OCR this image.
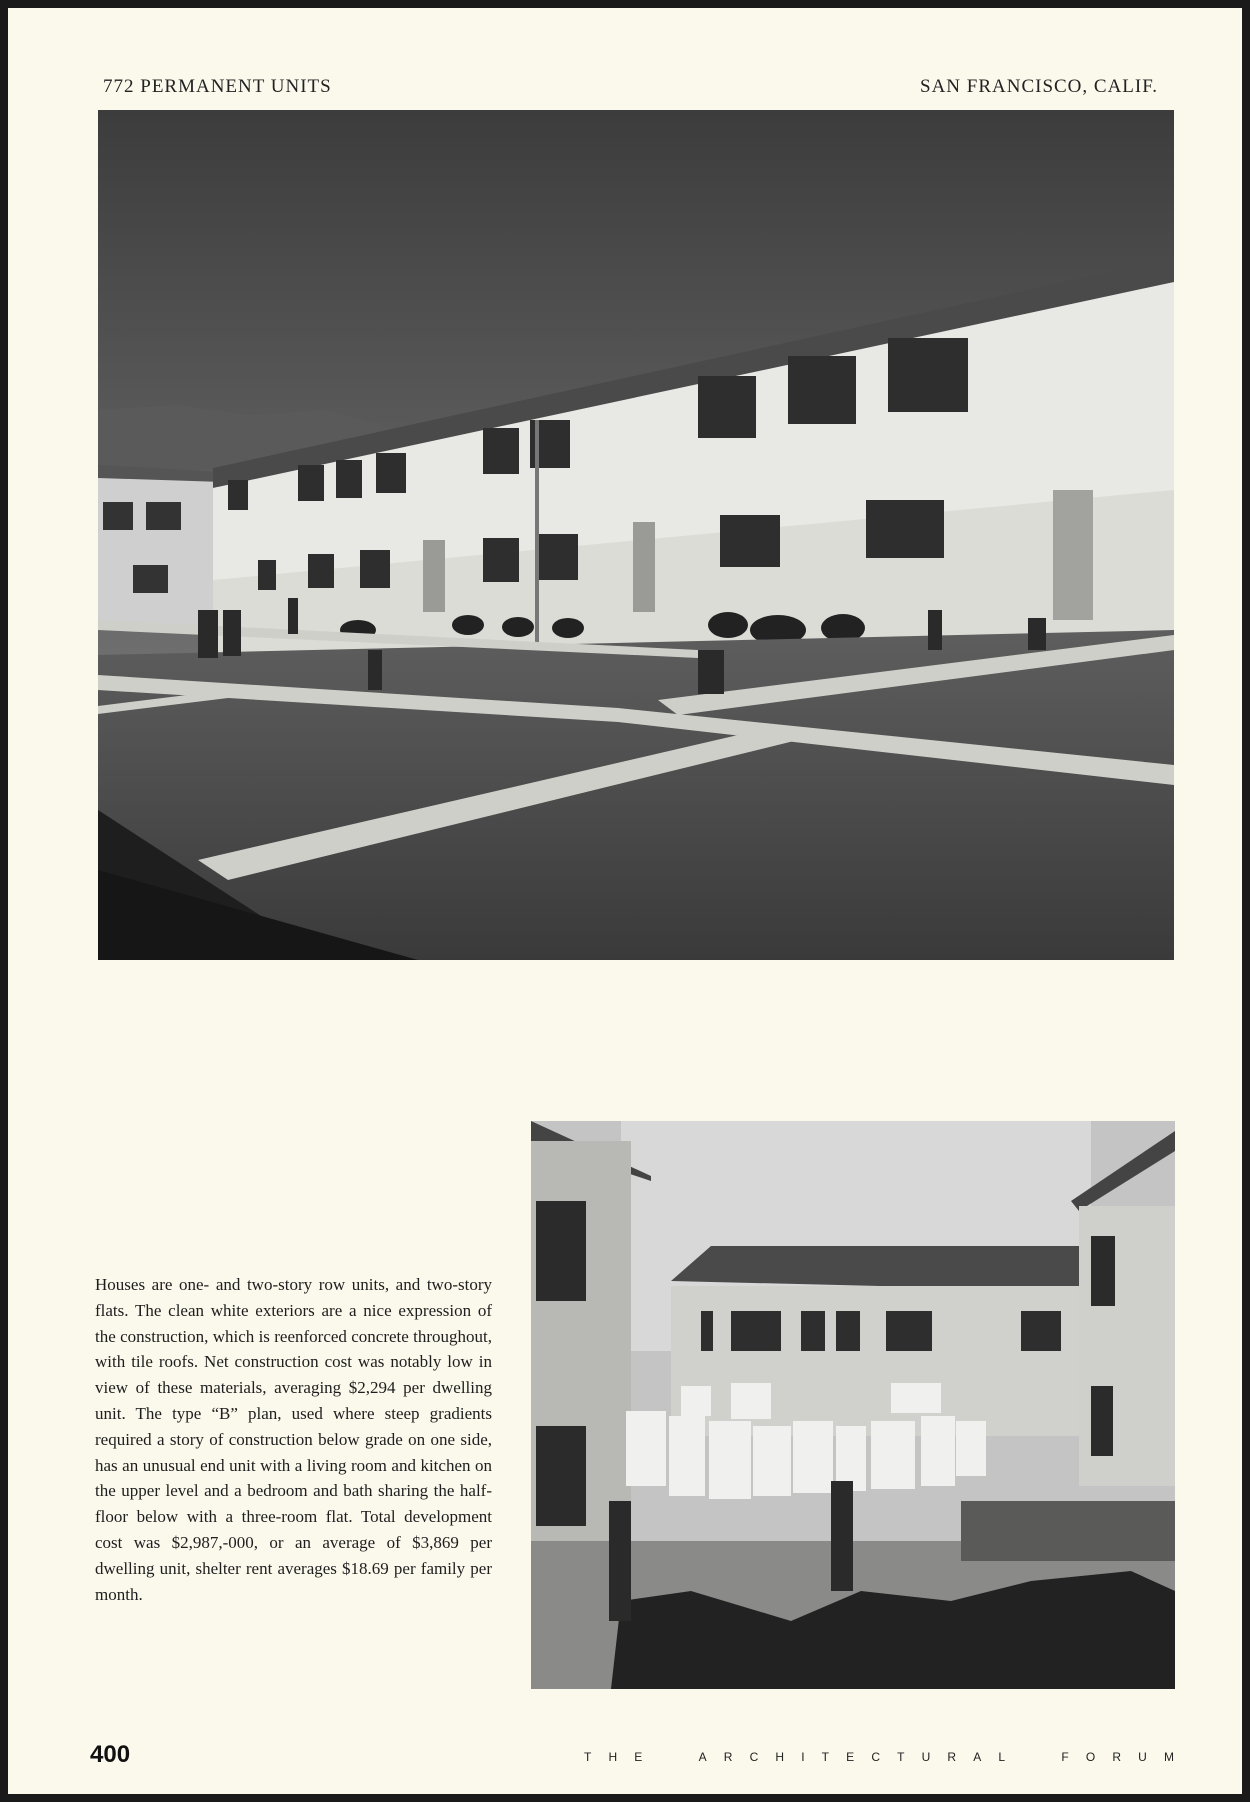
772 PERMANENT UNITS	SAN FRANCISCO, CALIF.
Houses are one- and two-story row units, and two-story flats. The clean white exteriors are a nice expression of the construction, which is reenforced concrete throughout, with tile roofs. Net construction cost was notably low in view of these materials, averaging $2,294 per dwelling unit. The type “B” plan, used where steep gradients required a story of construction below grade on one side, has an unusual end unit with a living room and kitchen on the upper level and a bedroom and bath sharing the half-floor below with a three-room flat. Total development cost was $2,987,-000, or an average of $3,869 per dwelling unit, shelter rent averages $18.69 per family per month.
400	T H E
	A R C H I T E C T U R A L
	F O R U M
